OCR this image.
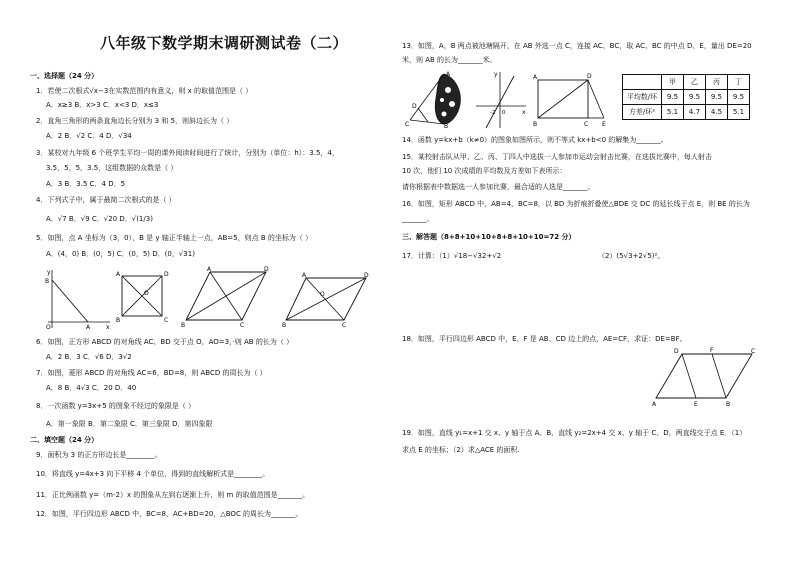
八年级下数学期末调研测试卷（二）
一、选择题（24 分）
1．若使二次根式√x−3在实数范围内有意义，则 x 的取值范围是（ ）
A．x≥3 B．x>3 C．x<3 D．x≤3
2．直角三角形的两条直角边长分别为 3 和 5，则斜边长为（ ）
A．2 B．√2 C．4 D．√34
3．某校对九年级 6 个班学生平均一周的课外阅读时间进行了统计，分别为（单位：h）：3.5，4，
3.5，5，5，3.5，这组数据的众数是（ ）
A．3 B．3.5 C．4 D．5
4．下列式子中，属于最简二次根式的是（ ）
A．√7 B．√9 C．√20 D．√(1/3)
5．如图，点 A 坐标为（3，0），B 是 y 轴正半轴上一点，AB=5，则点 B 的坐标为（ ）
A．(4，0) B．(0，5) C．(0，5) D．(0，√31)
y
B
O	A	x
A	D
B	C
O
A	D
B	C
A	D
B	C
O
6．如图，正方形 ABCD 的对角线 AC、BD 交于点 O，AO=3，·则 AB 的长为（ ）
A．2 B．3 C．√6 D．3√2
7．如图，菱形 ABCD 的对角线 AC=6，BD=8，则 ABCD 的周长为（ ）
A．8 B．4√3 C．20 D．40
8．一次函数 y=3x+5 的图象不经过的象限是（ ）
A．第一象限 B．第二象限 C．第三象限 D．第四象限
二、填空题（24 分）
9．面积为 3 的正方形边长是________。
10．将直线 y=4x+3 向下平移 4 个单位，得到的直线解析式是________。
11．正比例函数 y=（m-2）x 的图象从左到右逐渐上升，则 m 的取值范围是_______。
12．如图，平行四边形 ABCD 中，BC=8，AC+BD=20，△BOC 的周长为_______。
13．如图，A，B 两点被池塘隔开，在 AB 外选一点 C，连接 AC、BC，取 AC、BC 的中点 D、E，量出 DE=20
米，则 AB 的长为_______米。
C
D
A
B
y
x
-2 0
A	D
B	C E
	甲	乙	丙	丁
平均数/环	9.5	9.5	9.5	9.5
方差/环²	5.1	4.7	4.5	5.1
14．函数 y=kx+b（k≠0）的图象如图所示，则不等式 kx+b<0 的解集为_______。
15．某校射击队从甲、乙、丙、丁四人中选拔一人参加市运动会射击比赛，在选拔比赛中，每人射击
10 次，他们 10 次成绩的平均数及方差如下表所示：
请你根据表中数据选一人参加比赛，最合适的人选是_______。
16．如图，矩形 ABCD 中，AB=4，BC=8，以 BD 为折痕折叠使△BDE 交 DC 的延长线于点 E，则 BE 的长为
_______。
三、解答题（8+8+10+10+8+8+10+10=72 分）
17．计算：（1）√18−√32+√2	（2）(5√3+2√5)²。
18．如图，平行四边形 ABCD 中，E、F 是 AB、CD 边上的点，AE=CF，求证：DE=BF。
D	F	C
A	E	B
19．如图，直线 y₁=x+1 交 x、y 轴于点 A、B，直线 y₂=2x+4 交 x、y 轴于 C、D，两直线交于点 E．（1）
求点 E 的坐标；（2）求△ACE 的面积.
